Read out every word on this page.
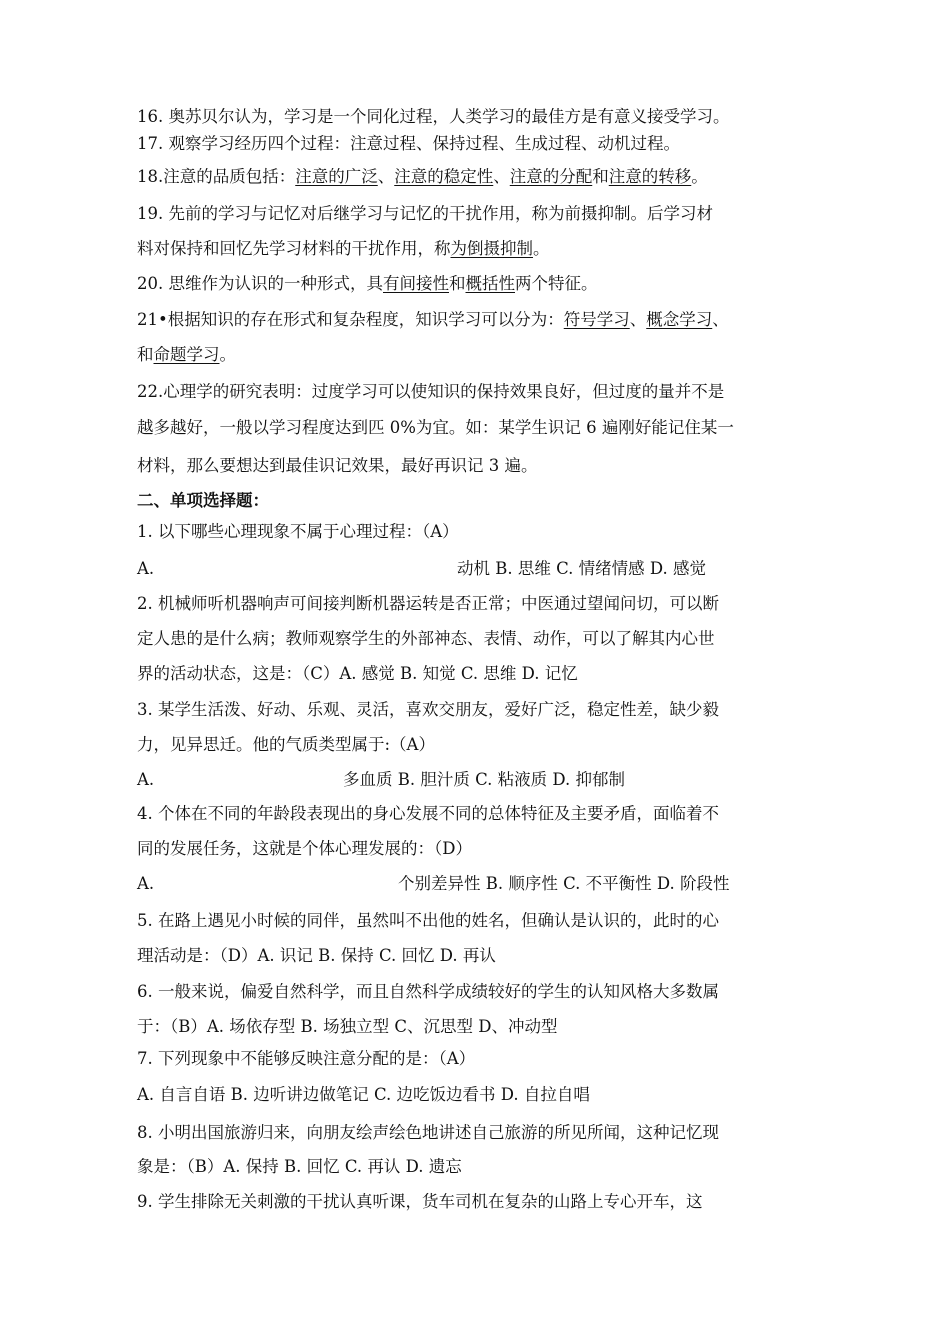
16. 奥苏贝尔认为，学习是一个同化过程，人类学习的最佳方是有意义接受学习。
17. 观察学习经历四个过程：注意过程、保持过程、生成过程、动机过程。
18.注意的品质包括：注意的广泛、注意的稳定性、注意的分配和注意的转移。
19. 先前的学习与记忆对后继学习与记忆的干扰作用，称为前摄抑制。后学习材
料对保持和回忆先学习材料的干扰作用，称为倒摄抑制。
20. 思维作为认识的一种形式，具有间接性和概括性两个特征。
21•根据知识的存在形式和复杂程度，知识学习可以分为：符号学习、概念学习、
和命题学习。
22.心理学的研究表明：过度学习可以使知识的保持效果良好，但过度的量并不是
越多越好，一般以学习程度达到匹 0%为宜。如：某学生识记 6 遍刚好能记住某一
材料，那么要想达到最佳识记效果，最好再识记 3 遍。
二、单项选择题：
1. 以下哪些心理现象不属于心理过程：（A）
A.	动机 B. 思维 C. 情绪情感 D. 感觉
2. 机械师听机器响声可间接判断机器运转是否正常；中医通过望闻问切，可以断
定人患的是什么病；教师观察学生的外部神态、表情、动作，可以了解其内心世
界的活动状态，这是：（C）A. 感觉 B. 知觉 C. 思维 D. 记忆
3. 某学生活泼、好动、乐观、灵活，喜欢交朋友，爱好广泛，稳定性差，缺少毅
力，见异思迁。他的气质类型属于:（A）
A.	多血质 B. 胆汁质 C. 粘液质 D. 抑郁制
4. 个体在不同的年龄段表现出的身心发展不同的总体特征及主要矛盾，面临着不
同的发展任务，这就是个体心理发展的：（D）
A.	个别差异性 B. 顺序性 C. 不平衡性 D. 阶段性
5. 在路上遇见小时候的同伴，虽然叫不出他的姓名，但确认是认识的，此时的心
理活动是：（D）A. 识记 B. 保持 C. 回忆 D. 再认
6. 一般来说，偏爱自然科学，而且自然科学成绩较好的学生的认知风格大多数属
于：（B）A. 场依存型 B. 场独立型 C、沉思型 D、冲动型
7. 下列现象中不能够反映注意分配的是：（A）
A. 自言自语 B. 边听讲边做笔记 C. 边吃饭边看书 D. 自拉自唱
8. 小明出国旅游归来，向朋友绘声绘色地讲述自己旅游的所见所闻，这种记忆现
象是：（B）A. 保持 B. 回忆 C. 再认 D. 遗忘
9. 学生排除无关刺激的干扰认真听课，货车司机在复杂的山路上专心开车，这
